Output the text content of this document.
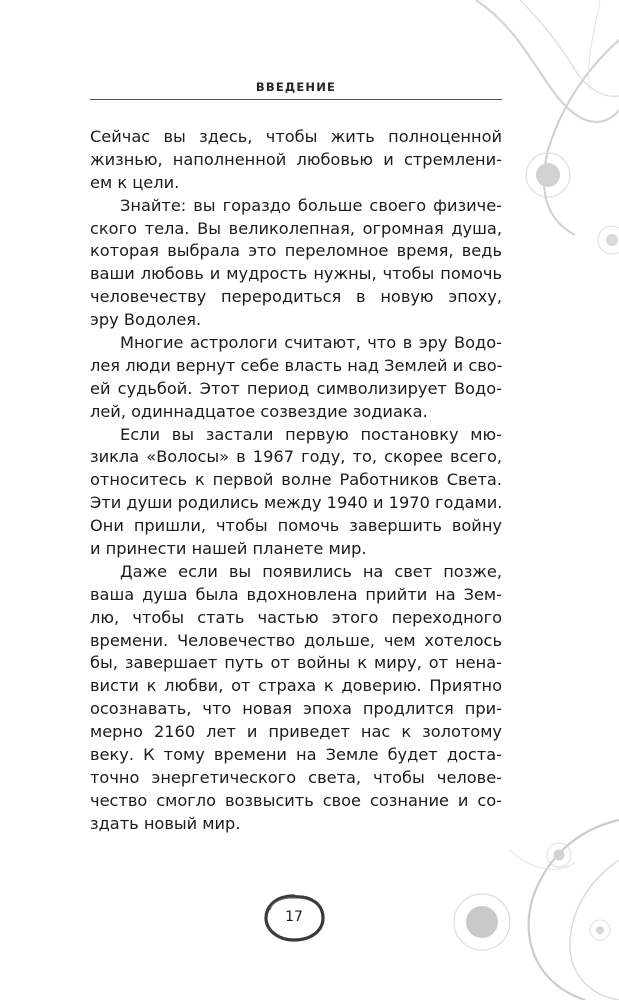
ВВЕДЕНИЕ
Сейчас вы здесь, чтобы жить полноценной
жизнью, наполненной любовью и стремлени-
ем к цели.
Знайте: вы гораздо больше своего физиче-
ского тела. Вы великолепная, огромная душа,
которая выбрала это переломное время, ведь
ваши любовь и мудрость нужны, чтобы помочь
человечеству переродиться в новую эпоху,
эру Водолея.
Многие астрологи считают, что в эру Водо-
лея люди вернут себе власть над Землей и сво-
ей судьбой. Этот период символизирует Водо-
лей, одиннадцатое созвездие зодиака.
Если вы застали первую постановку мю-
зикла «Волосы» в 1967 году, то, скорее всего,
относитесь к первой волне Работников Света.
Эти души родились между 1940 и 1970 годами.
Они пришли, чтобы помочь завершить войну
и принести нашей планете мир.
Даже если вы появились на свет позже,
ваша душа была вдохновлена прийти на Зем-
лю, чтобы стать частью этого переходного
времени. Человечество дольше, чем хотелось
бы, завершает путь от войны к миру, от нена-
висти к любви, от страха к доверию. Приятно
осознавать, что новая эпоха продлится при-
мерно 2160 лет и приведет нас к золотому
веку. К тому времени на Земле будет доста-
точно энергетического света, чтобы челове-
чество смогло возвысить свое сознание и со-
здать новый мир.
17
